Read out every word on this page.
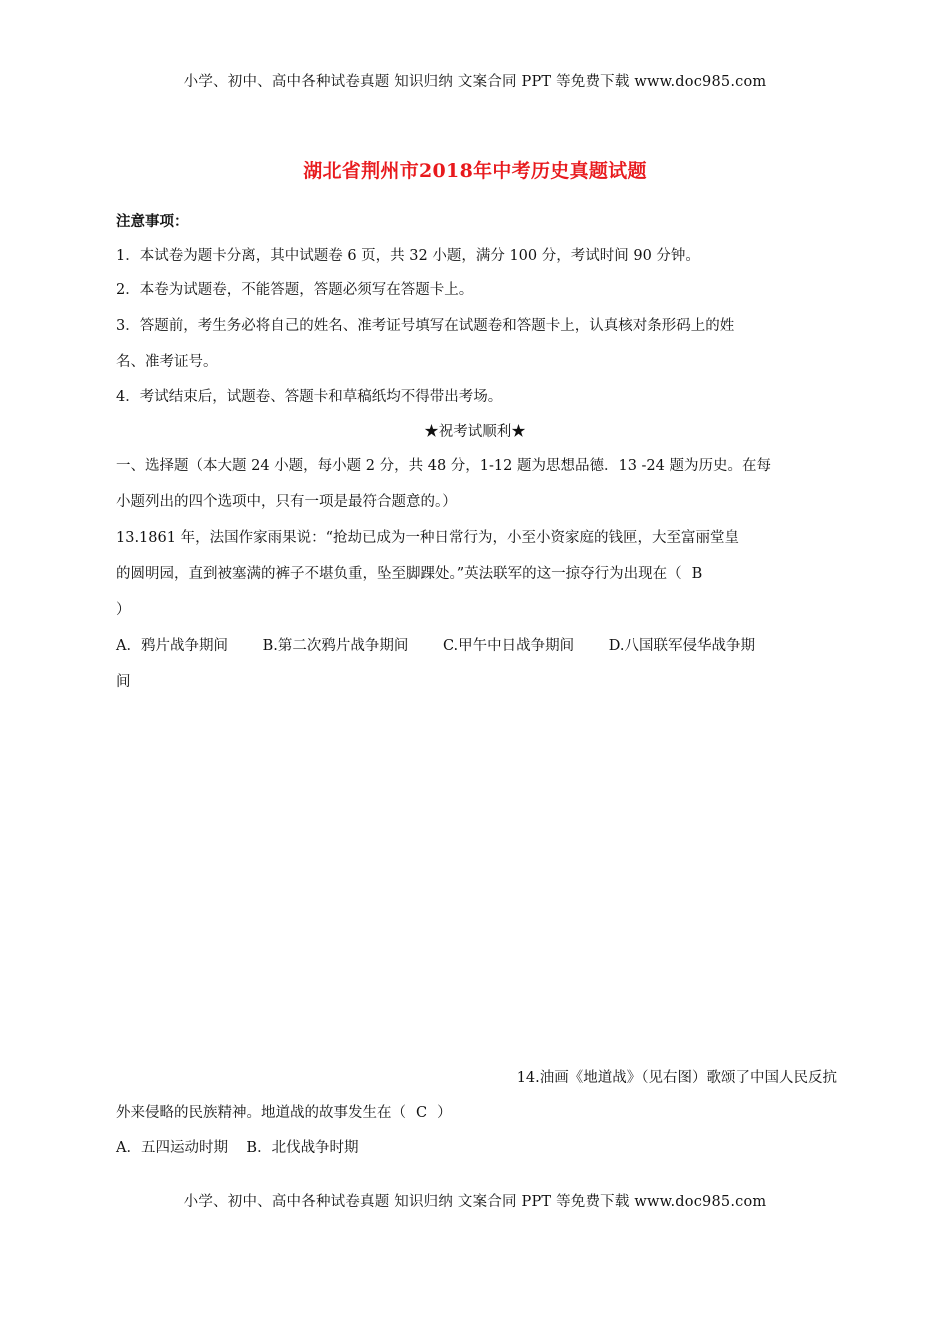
小学、初中、高中各种试卷真题 知识归纳 文案合同 PPT 等免费下载 www.doc985.com
湖北省荆州市2018年中考历史真题试题
注意事项：
1．本试卷为题卡分离，其中试题卷 6 页，共 32 小题，满分 100 分，考试时间 90 分钟。
2．本卷为试题卷，不能答题，答题必须写在答题卡上。
3．答题前，考生务必将自己的姓名、准考证号填写在试题卷和答题卡上，认真核对条形码上的姓
名、准考证号。
4．考试结束后，试题卷、答题卡和草稿纸均不得带出考场。
★祝考试顺利★
一、选择题（本大题 24 小题，每小题 2 分，共 48 分，1-12 题为思想品德．13 -24 题为历史。在每
小题列出的四个选项中，只有一项是最符合题意的。）
13.1861 年，法国作家雨果说：“抢劫已成为一种日常行为，小至小资家庭的钱匣，大至富丽堂皇
的圆明园，直到被塞满的裤子不堪负重，坠至脚踝处。”英法联军的这一掠夺行为出现在（ B
）
A．鸦片战争期间 B.第二次鸦片战争期间 C.甲午中日战争期间 D.八国联军侵华战争期
间
14.油画《地道战》（见右图）歌颂了中国人民反抗
外来侵略的民族精神。地道战的故事发生在（ C ）
A．五四运动时期    B．北伐战争时期
小学、初中、高中各种试卷真题 知识归纳 文案合同 PPT 等免费下载 www.doc985.com
